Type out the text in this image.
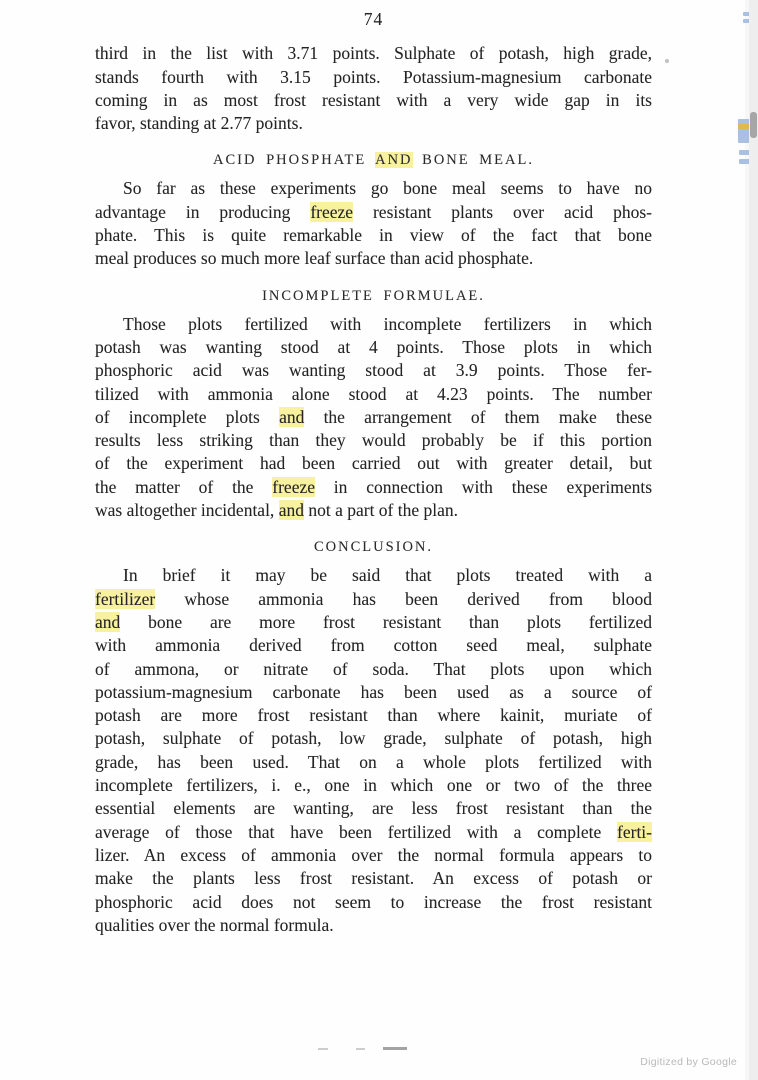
74
third in the list with 3.71 points. Sulphate of potash, high grade,
stands fourth with 3.15 points. Potassium-magnesium carbonate
coming in as most frost resistant with a very wide gap in its
favor, standing at 2.77 points.
ACID PHOSPHATE AND BONE MEAL.
So far as these experiments go bone meal seems to have no
advantage in producing freeze resistant plants over acid phos-
phate. This is quite remarkable in view of the fact that bone
meal produces so much more leaf surface than acid phosphate.
INCOMPLETE FORMULAE.
Those plots fertilized with incomplete fertilizers in which
potash was wanting stood at 4 points. Those plots in which
phosphoric acid was wanting stood at 3.9 points. Those fer-
tilized with ammonia alone stood at 4.23 points. The number
of incomplete plots and the arrangement of them make these
results less striking than they would probably be if this portion
of the experiment had been carried out with greater detail, but
the matter of the freeze in connection with these experiments
was altogether incidental, and not a part of the plan.
CONCLUSION.
In brief it may be said that plots treated with a
fertilizer whose ammonia has been derived from blood
and bone are more frost resistant than plots fertilized
with ammonia derived from cotton seed meal, sulphate
of ammona, or nitrate of soda. That plots upon which
potassium-magnesium carbonate has been used as a source of
potash are more frost resistant than where kainit, muriate of
potash, sulphate of potash, low grade, sulphate of potash, high
grade, has been used. That on a whole plots fertilized with
incomplete fertilizers, i. e., one in which one or two of the three
essential elements are wanting, are less frost resistant than the
average of those that have been fertilized with a complete ferti-
lizer. An excess of ammonia over the normal formula appears to
make the plants less frost resistant. An excess of potash or
phosphoric acid does not seem to increase the frost resistant
qualities over the normal formula.
Digitized by Google
